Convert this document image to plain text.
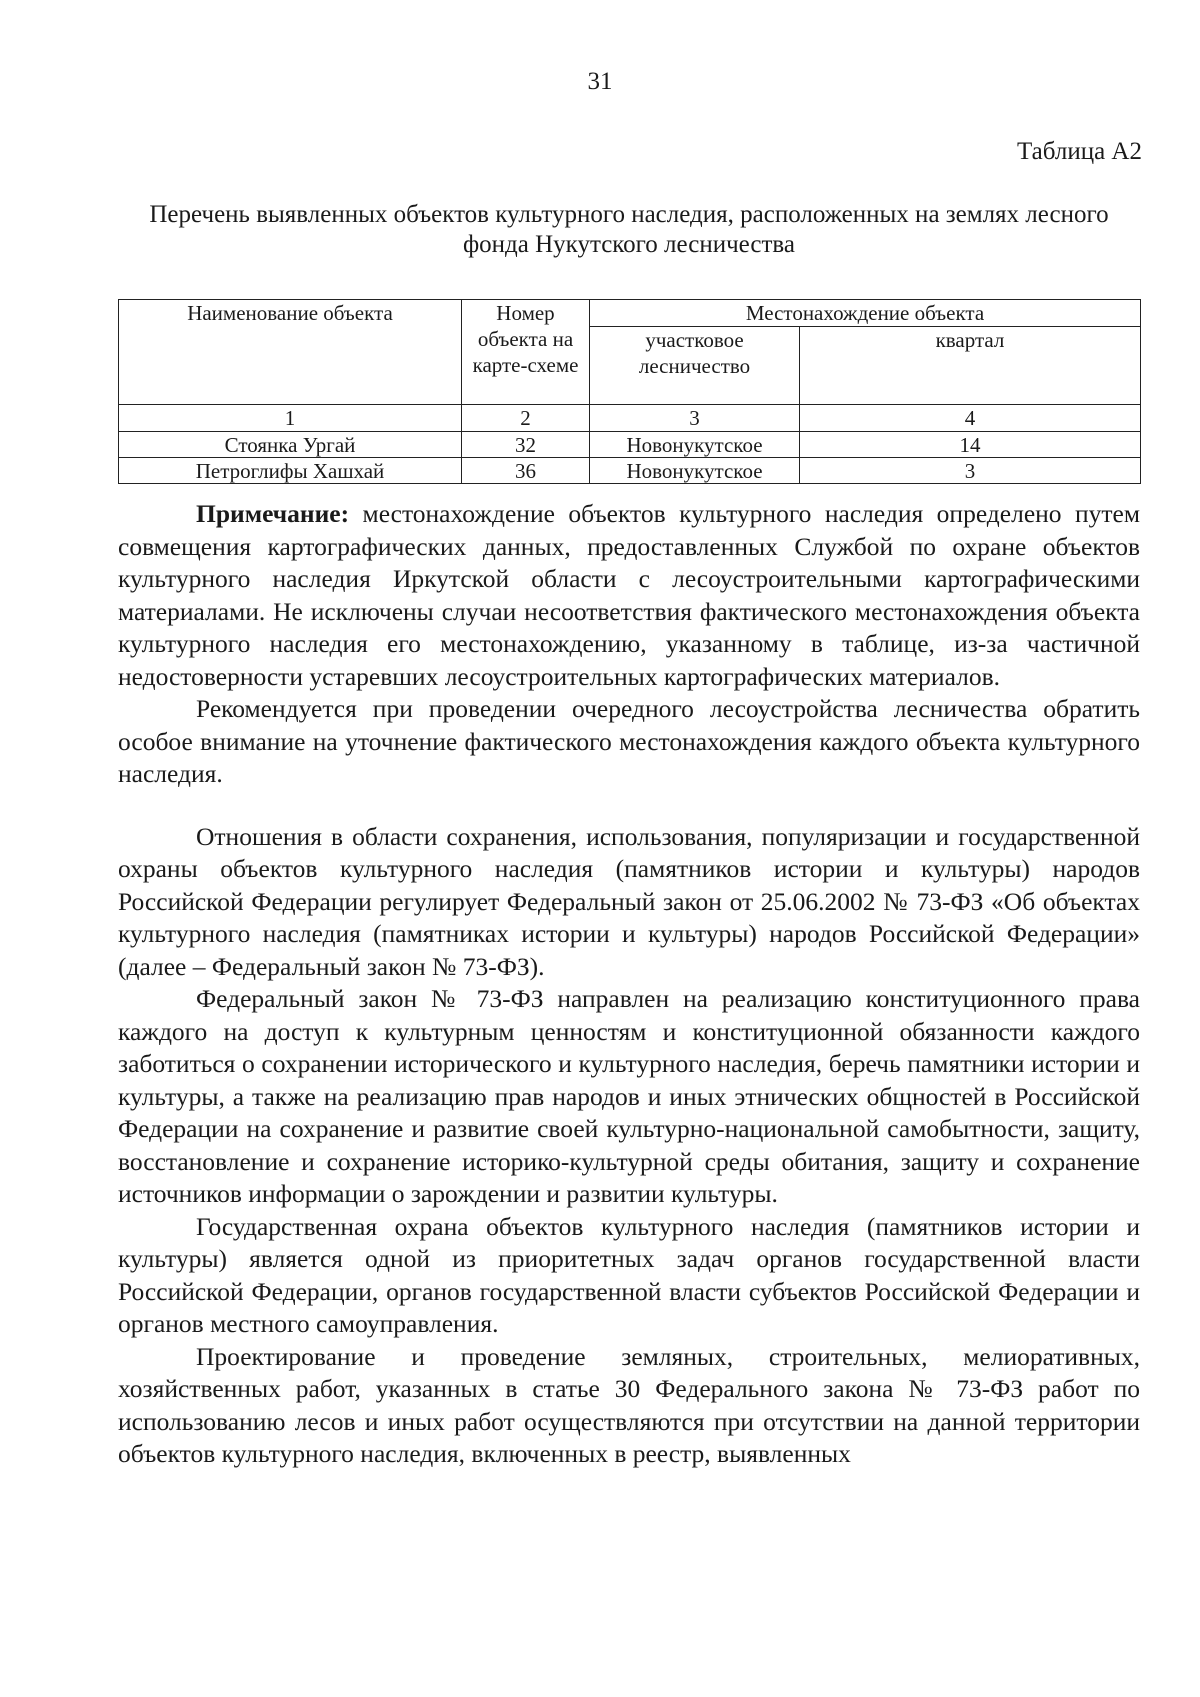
31
Таблица А2
Перечень выявленных объектов культурного наследия, расположенных на землях лесного фонда Нукутского лесничества
Наименование объекта	Номер объекта на карте-схеме	Местонахождение объекта	
		участковое лесничество	квартал
1	2	3	4
Стоянка Ургай	32	Новонукутское	14
Петроглифы Хашхай	36	Новонукутское	3

Примечание: местонахождение объектов культурного наследия определено путем совмещения картографических данных, предоставленных Службой по охране объектов культурного наследия Иркутской области с лесоустроительными картографическими материалами. Не исключены случаи несоответствия фактического местонахождения объекта культурного наследия его местонахождению, указанному в таблице, из-за частичной недостоверности устаревших лесоустроительных картографических материалов.

Рекомендуется при проведении очередного лесоустройства лесничества обратить особое внимание на уточнение фактического местонахождения каждого объекта культурного наследия.

Отношения в области сохранения, использования, популяризации и государственной охраны объектов культурного наследия (памятников истории и культуры) народов Российской Федерации регулирует Федеральный закон от 25.06.2002 № 73-ФЗ «Об объектах культурного наследия (памятниках истории и культуры) народов Российской Федерации» (далее – Федеральный закон № 73-ФЗ).

Федеральный закон № 73-ФЗ направлен на реализацию конституционного права каждого на доступ к культурным ценностям и конституционной обязанности каждого заботиться о сохранении исторического и культурного наследия, беречь памятники истории и культуры, а также на реализацию прав народов и иных этнических общностей в Российской Федерации на сохранение и развитие своей культурно-национальной самобытности, защиту, восстановление и сохранение историко-культурной среды обитания, защиту и сохранение источников информации о зарождении и развитии культуры.

Государственная охрана объектов культурного наследия (памятников истории и культуры) является одной из приоритетных задач органов государственной власти Российской Федерации, органов государственной власти субъектов Российской Федерации и органов местного самоуправления.

Проектирование и проведение земляных, строительных, мелиоративных, хозяйственных работ, указанных в статье 30 Федерального закона № 73-ФЗ работ по использованию лесов и иных работ осуществляются при отсутствии на данной территории объектов культурного наследия, включенных в реестр, выявленных
